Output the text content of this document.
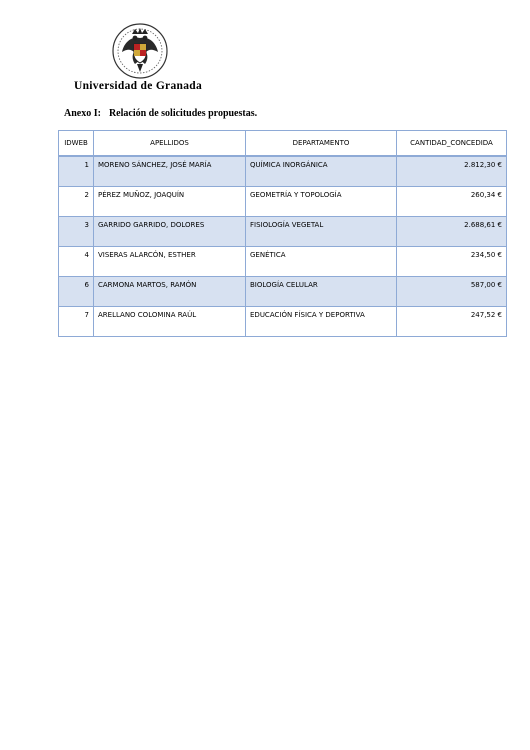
Universidad de Granada
Anexo I: Relación de solicitudes propuestas.
IDWEB	APELLIDOS	DEPARTAMENTO	CANTIDAD_CONCEDIDA
1	MORENO SÁNCHEZ, JOSÉ MARÍA	QUÍMICA INORGÁNICA	2.812,30 €
2	PÉREZ MUÑOZ, JOAQUÍN	GEOMETRÍA Y TOPOLOGÍA	260,34 €
3	GARRIDO GARRIDO, DOLORES	FISIOLOGÍA VEGETAL	2.688,61 €
4	VISERAS ALARCÓN, ESTHER	GENÉTICA	234,50 €
6	CARMONA MARTOS, RAMÓN	BIOLOGÍA CELULAR	587,00 €
7	ARELLANO COLOMINA RAÚL	EDUCACIÓN FÍSICA Y DEPORTIVA	247,52 €
